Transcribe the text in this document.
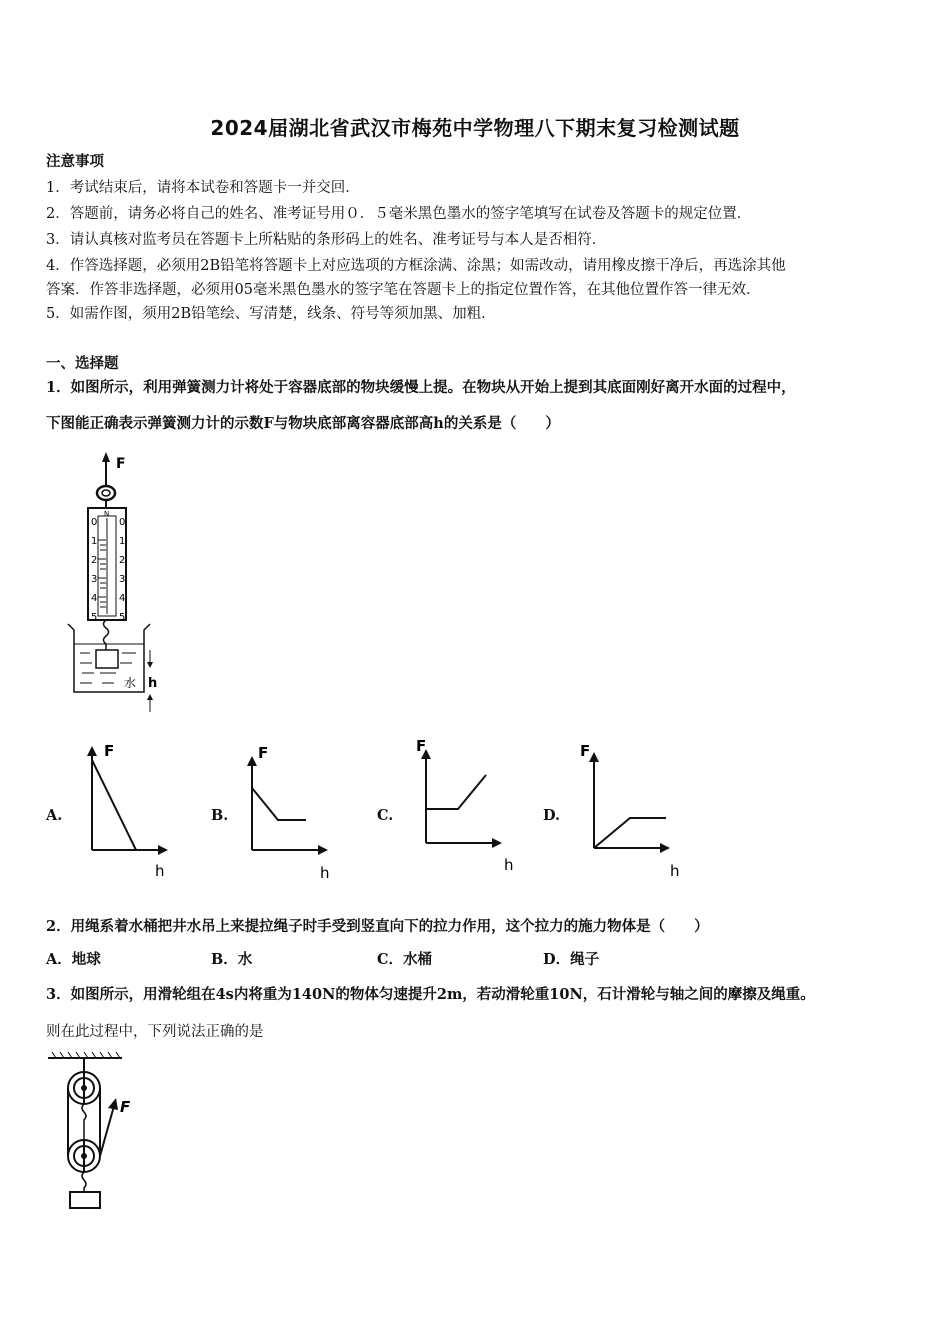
2024届湖北省武汉市梅苑中学物理八下期末复习检测试题
注意事项
1．考试结束后，请将本试卷和答题卡一并交回．
2．答题前，请务必将自己的姓名、准考证号用０．５毫米黑色墨水的签字笔填写在试卷及答题卡的规定位置．
3．请认真核对监考员在答题卡上所粘贴的条形码上的姓名、准考证号与本人是否相符．
4．作答选择题，必须用2B铅笔将答题卡上对应选项的方框涂满、涂黑；如需改动，请用橡皮擦干净后，再选涂其他
答案．作答非选择题，必须用05毫米黑色墨水的签字笔在答题卡上的指定位置作答，在其他位置作答一律无效．
5．如需作图，须用2B铅笔绘、写清楚，线条、符号等须加黑、加粗．
一、选择题
1．如图所示，利用弹簧测力计将处于容器底部的物块缓慢上提。在物块从开始上提到其底面刚好离开水面的过程中，
下图能正确表示弹簧测力计的示数F与物块底部离容器底部高h的关系是（　　）
F
N
0 0
1 1
2 2
3 3
4 4
5 5
水 h
A.
F
h
B.
F
h
C.
F
h
D.
F
h
2．用绳系着水桶把井水吊上来提拉绳子时手受到竖直向下的拉力作用，这个拉力的施力物体是（　　）
A．地球	B．水	C．水桶	D．绳子
3．如图所示，用滑轮组在4s内将重为140N的物体匀速提升2m，若动滑轮重10N，石计滑轮与轴之间的摩擦及绳重。
则在此过程中，下列说法正确的是
F
